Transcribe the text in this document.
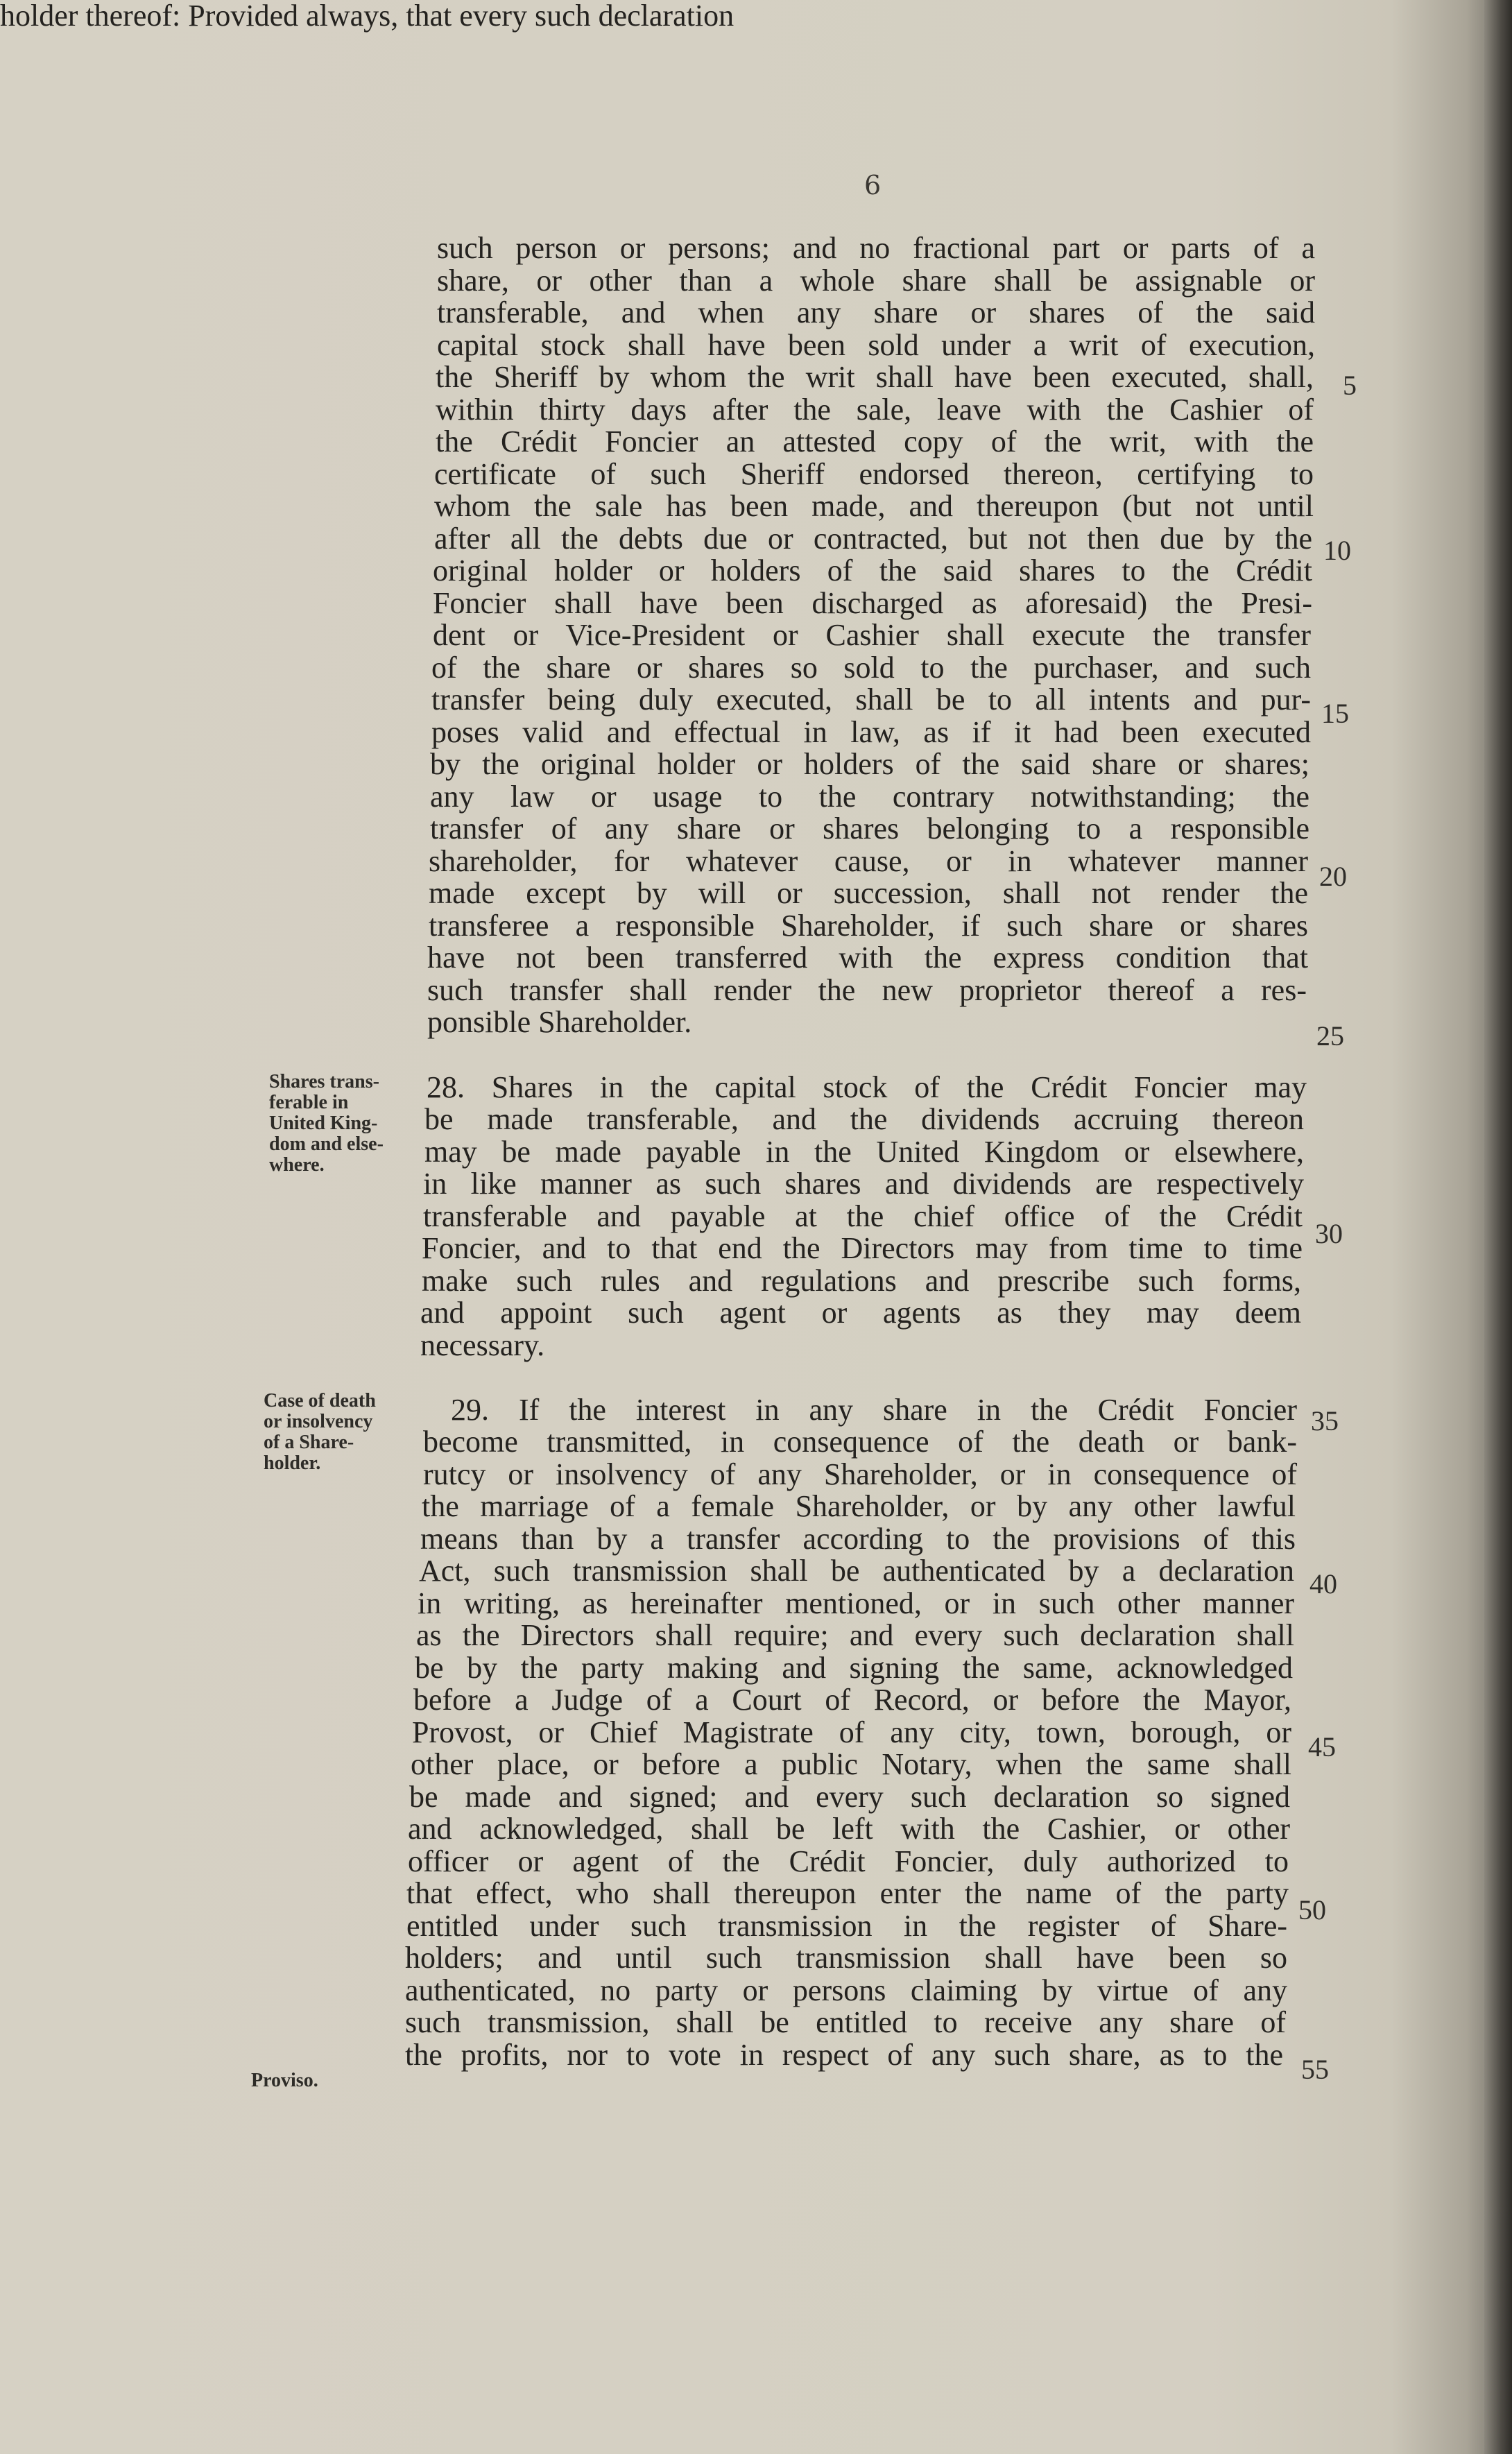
6
such person or persons; and no fractional part or parts of a
share, or other than a whole share shall be assignable or
transferable, and when any share or shares of the said
capital stock shall have been sold under a writ of execution,
the Sheriff by whom the writ shall have been executed, shall,
within thirty days after the sale, leave with the Cashier of
the Crédit Foncier an attested copy of the writ, with the
certificate of such Sheriff endorsed thereon, certifying to
whom the sale has been made, and thereupon (but not until
after all the debts due or contracted, but not then due by the
original holder or holders of the said shares to the Crédit
Foncier shall have been discharged as aforesaid) the Presi-
dent or Vice-President or Cashier shall execute the transfer
of the share or shares so sold to the purchaser, and such
transfer being duly executed, shall be to all intents and pur-
poses valid and effectual in law, as if it had been executed
by the original holder or holders of the said share or shares;
any law or usage to the contrary notwithstanding; the
transfer of any share or shares belonging to a responsible
shareholder, for whatever cause, or in whatever manner
made except by will or succession, shall not render the
transferee a responsible Shareholder, if such share or shares
have not been transferred with the express condition that
such transfer shall render the new proprietor thereof a res-
ponsible Shareholder.
28. Shares in the capital stock of the Crédit Foncier may
be made transferable, and the dividends accruing thereon
may be made payable in the United Kingdom or elsewhere,
in like manner as such shares and dividends are respectively
transferable and payable at the chief office of the Crédit
Foncier, and to that end the Directors may from time to time
make such rules and regulations and prescribe such forms,
and appoint such agent or agents as they may deem
necessary.
29. If the interest in any share in the Crédit Foncier
become transmitted, in consequence of the death or bank-
rutcy or insolvency of any Shareholder, or in consequence of
the marriage of a female Shareholder, or by any other lawful
means than by a transfer according to the provisions of this
Act, such transmission shall be authenticated by a declaration
in writing, as hereinafter mentioned, or in such other manner
as the Directors shall require; and every such declaration shall
be by the party making and signing the same, acknowledged
before a Judge of a Court of Record, or before the Mayor,
Provost, or Chief Magistrate of any city, town, borough, or
other place, or before a public Notary, when the same shall
be made and signed; and every such declaration so signed
and acknowledged, shall be left with the Cashier, or other
officer or agent of the Crédit Foncier, duly authorized to
that effect, who shall thereupon enter the name of the party
entitled under such transmission in the register of Share-
holders; and until such transmission shall have been so
authenticated, no party or persons claiming by virtue of any
such transmission, shall be entitled to receive any share of
the profits, nor to vote in respect of any such share, as to the
holder thereof: Provided always, that every such declaration
5
10
15
20
25
30
35
40
45
50
55
Shares trans-
ferable in
United King-
dom and else-
where.
Case of death
or insolvency
of a Share-
holder.
Proviso.
